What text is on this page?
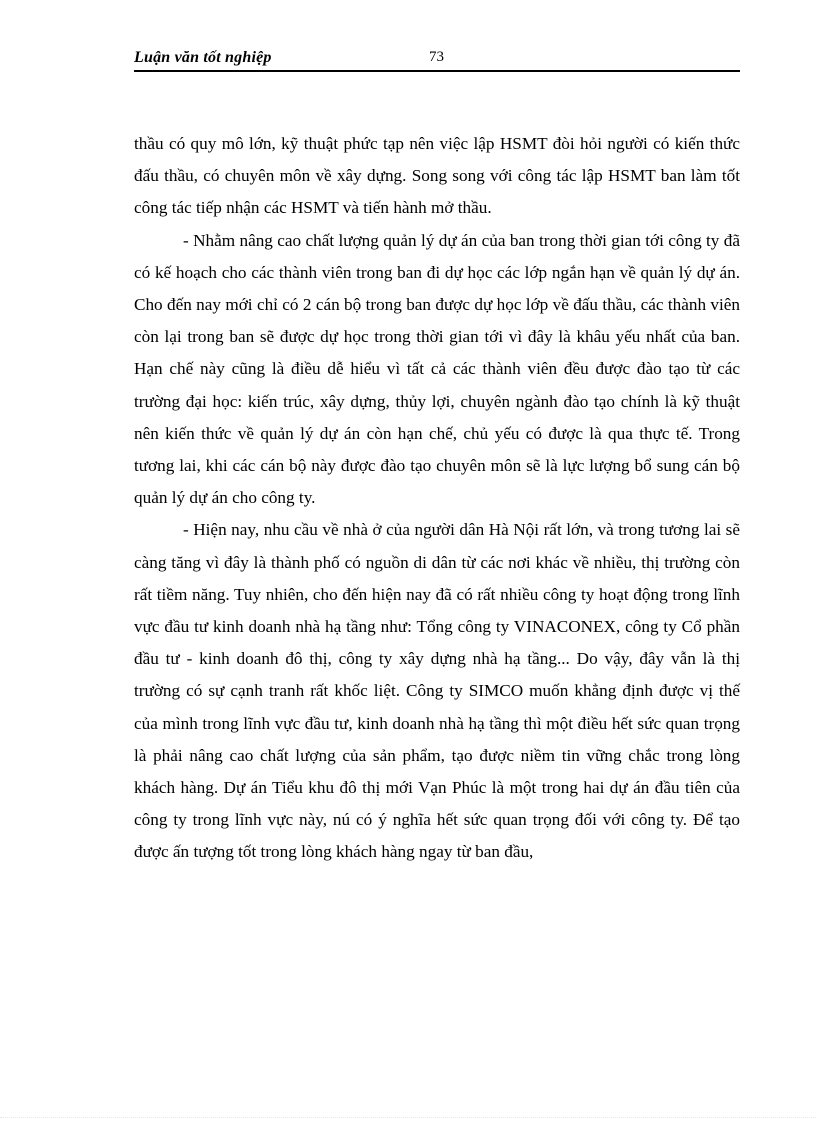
Luận văn tốt nghiệp	73

thầu có quy mô lớn, kỹ thuật phức tạp nên việc lập HSMT đòi hỏi người có kiến thức đấu thầu, có chuyên môn về xây dựng. Song song với công tác lập HSMT ban làm tốt công tác tiếp nhận các HSMT và tiến hành mở thầu.

- Nhằm nâng cao chất lượng quản lý dự án của ban trong thời gian tới công ty đã có kế hoạch cho các thành viên trong ban đi dự học các lớp ngắn hạn về quản lý dự án. Cho đến nay mới chỉ có 2 cán bộ trong ban được dự học lớp về đấu thầu, các thành viên còn lại trong ban sẽ được dự học trong thời gian tới vì đây là khâu yếu nhất của ban. Hạn chế này cũng là điều dễ hiểu vì tất cả các thành viên đều được đào tạo từ các trường đại học: kiến trúc, xây dựng, thủy lợi, chuyên ngành đào tạo chính là kỹ thuật nên kiến thức về quản lý dự án còn hạn chế, chủ yếu có được là qua thực tế. Trong tương lai, khi các cán bộ này được đào tạo chuyên môn sẽ là lực lượng bổ sung cán bộ quản lý dự án cho công ty.

- Hiện nay, nhu cầu về nhà ở của người dân Hà Nội rất lớn, và trong tương lai sẽ càng tăng vì đây là thành phố có nguồn di dân từ các nơi khác về nhiều, thị trường còn rất tiềm năng. Tuy nhiên, cho đến hiện nay đã có rất nhiều công ty hoạt động trong lĩnh vực đầu tư kinh doanh nhà hạ tầng như: Tổng công ty VINACONEX, công ty Cổ phần đầu tư - kinh doanh đô thị, công ty xây dựng nhà hạ tầng... Do vậy, đây vẫn là thị trường có sự cạnh tranh rất khốc liệt. Công ty SIMCO muốn khẳng định được vị thế của mình trong lĩnh vực đầu tư, kinh doanh nhà hạ tầng thì một điều hết sức quan trọng là phải nâng cao chất lượng của sản phẩm, tạo được niềm tin vững chắc trong lòng khách hàng. Dự án Tiểu khu đô thị mới Vạn Phúc là một trong hai dự án đầu tiên của công ty trong lĩnh vực này, nú có ý nghĩa hết sức quan trọng đối với công ty. Để tạo được ấn tượng tốt trong lòng khách hàng ngay từ ban đầu,
